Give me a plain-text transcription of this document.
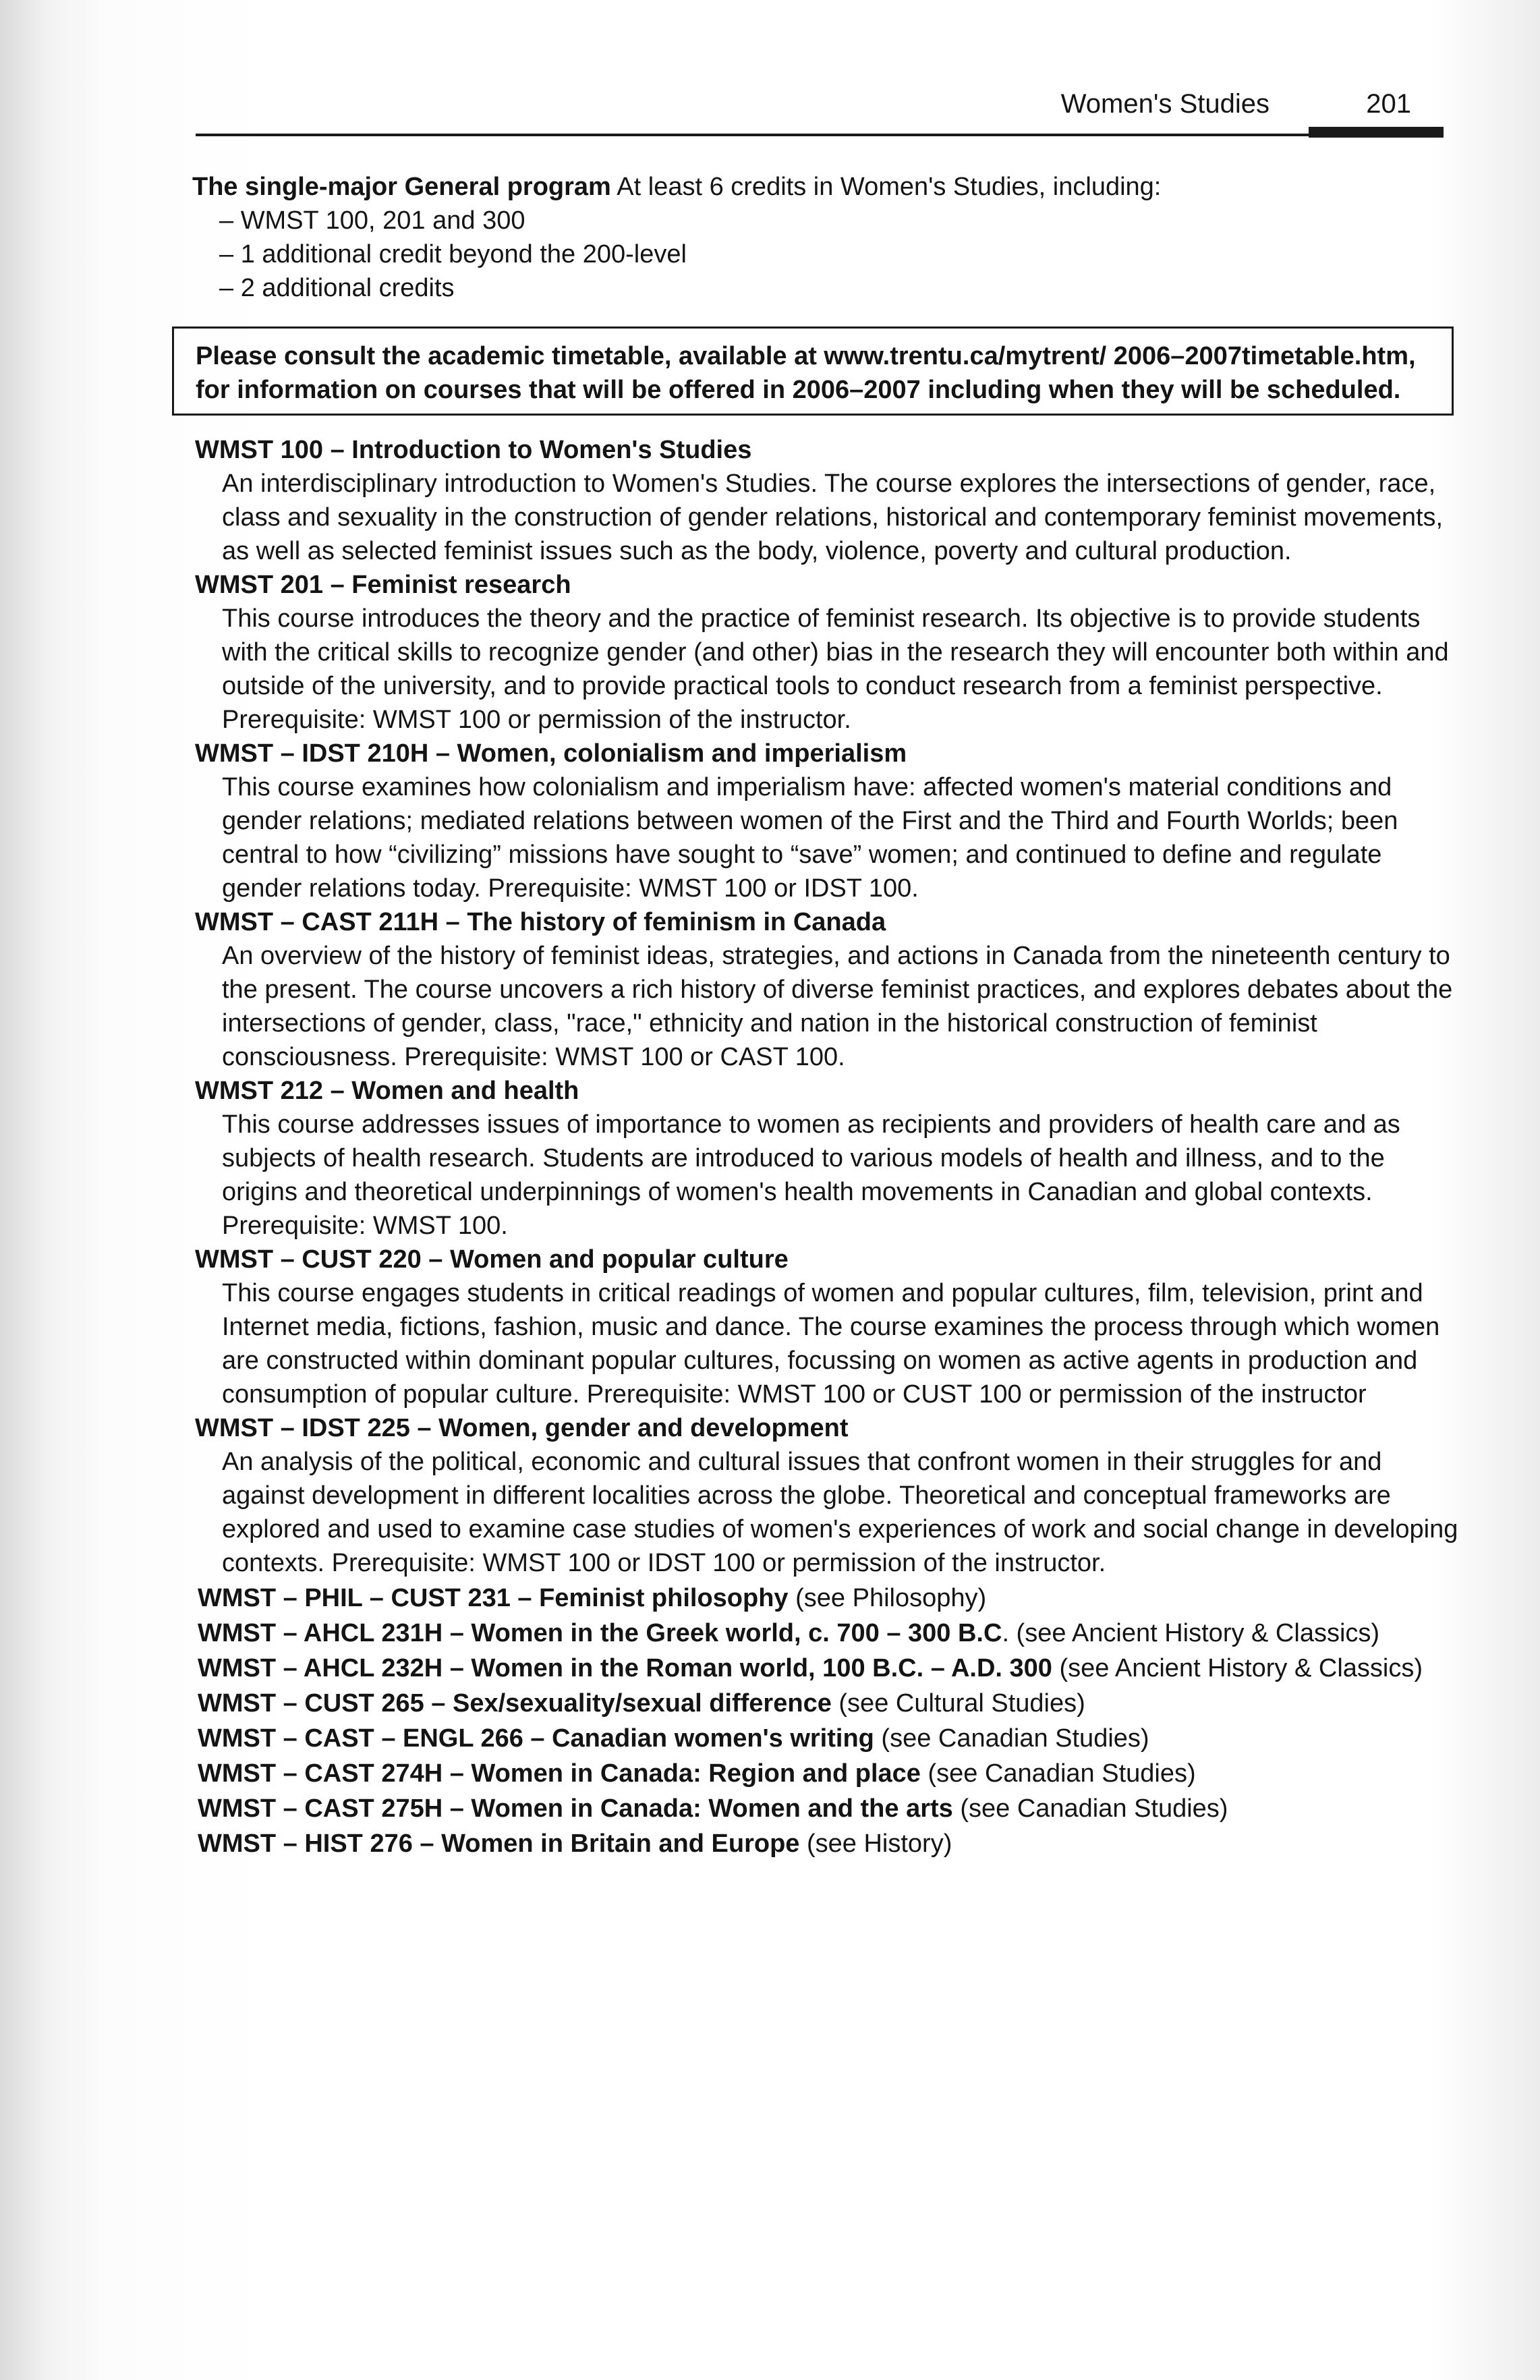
Women's Studies	201

The single-major General program At least 6 credits in Women's Studies, including:

– WMST 100, 201 and 300
– 1 additional credit beyond the 200-level
– 2 additional credits
Please consult the academic timetable, available at www.trentu.ca/mytrent/ 2006–2007timetable.htm, for information on courses that will be offered in 2006–2007 including when they will be scheduled.
WMST 100 – Introduction to Women's Studies
An interdisciplinary introduction to Women's Studies. The course explores the intersections of gender, race, class and sexuality in the construction of gender relations, historical and contemporary feminist movements, as well as selected feminist issues such as the body, violence, poverty and cultural production.
WMST 201 – Feminist research
This course introduces the theory and the practice of feminist research. Its objective is to provide students with the critical skills to recognize gender (and other) bias in the research they will encounter both within and outside of the university, and to provide practical tools to conduct research from a feminist perspective. Prerequisite: WMST 100 or permission of the instructor.
WMST – IDST 210H – Women, colonialism and imperialism
This course examines how colonialism and imperialism have: affected women's material conditions and gender relations; mediated relations between women of the First and the Third and Fourth Worlds; been central to how “civilizing” missions have sought to “save” women; and continued to define and regulate gender relations today. Prerequisite: WMST 100 or IDST 100.
WMST – CAST 211H – The history of feminism in Canada
An overview of the history of feminist ideas, strategies, and actions in Canada from the nineteenth century to the present. The course uncovers a rich history of diverse feminist practices, and explores debates about the intersections of gender, class, "race," ethnicity and nation in the historical construction of feminist consciousness. Prerequisite: WMST 100 or CAST 100.
WMST 212 – Women and health
This course addresses issues of importance to women as recipients and providers of health care and as subjects of health research. Students are introduced to various models of health and illness, and to the origins and theoretical underpinnings of women's health movements in Canadian and global contexts. Prerequisite: WMST 100.
WMST – CUST 220 – Women and popular culture
This course engages students in critical readings of women and popular cultures, film, television, print and Internet media, fictions, fashion, music and dance. The course examines the process through which women are constructed within dominant popular cultures, focussing on women as active agents in production and consumption of popular culture. Prerequisite: WMST 100 or CUST 100 or permission of the instructor
WMST – IDST 225 – Women, gender and development
An analysis of the political, economic and cultural issues that confront women in their struggles for and against development in different localities across the globe. Theoretical and conceptual frameworks are explored and used to examine case studies of women's experiences of work and social change in developing contexts. Prerequisite: WMST 100 or IDST 100 or permission of the instructor.
WMST – PHIL – CUST 231 – Feminist philosophy (see Philosophy)
WMST – AHCL 231H – Women in the Greek world, c. 700 – 300 B.C. (see Ancient History & Classics)
WMST – AHCL 232H – Women in the Roman world, 100 B.C. – A.D. 300 (see Ancient History & Classics)
WMST – CUST 265 – Sex/sexuality/sexual difference (see Cultural Studies)
WMST – CAST – ENGL 266 – Canadian women's writing (see Canadian Studies)
WMST – CAST 274H – Women in Canada: Region and place (see Canadian Studies)
WMST – CAST 275H – Women in Canada: Women and the arts (see Canadian Studies)
WMST – HIST 276 – Women in Britain and Europe (see History)
